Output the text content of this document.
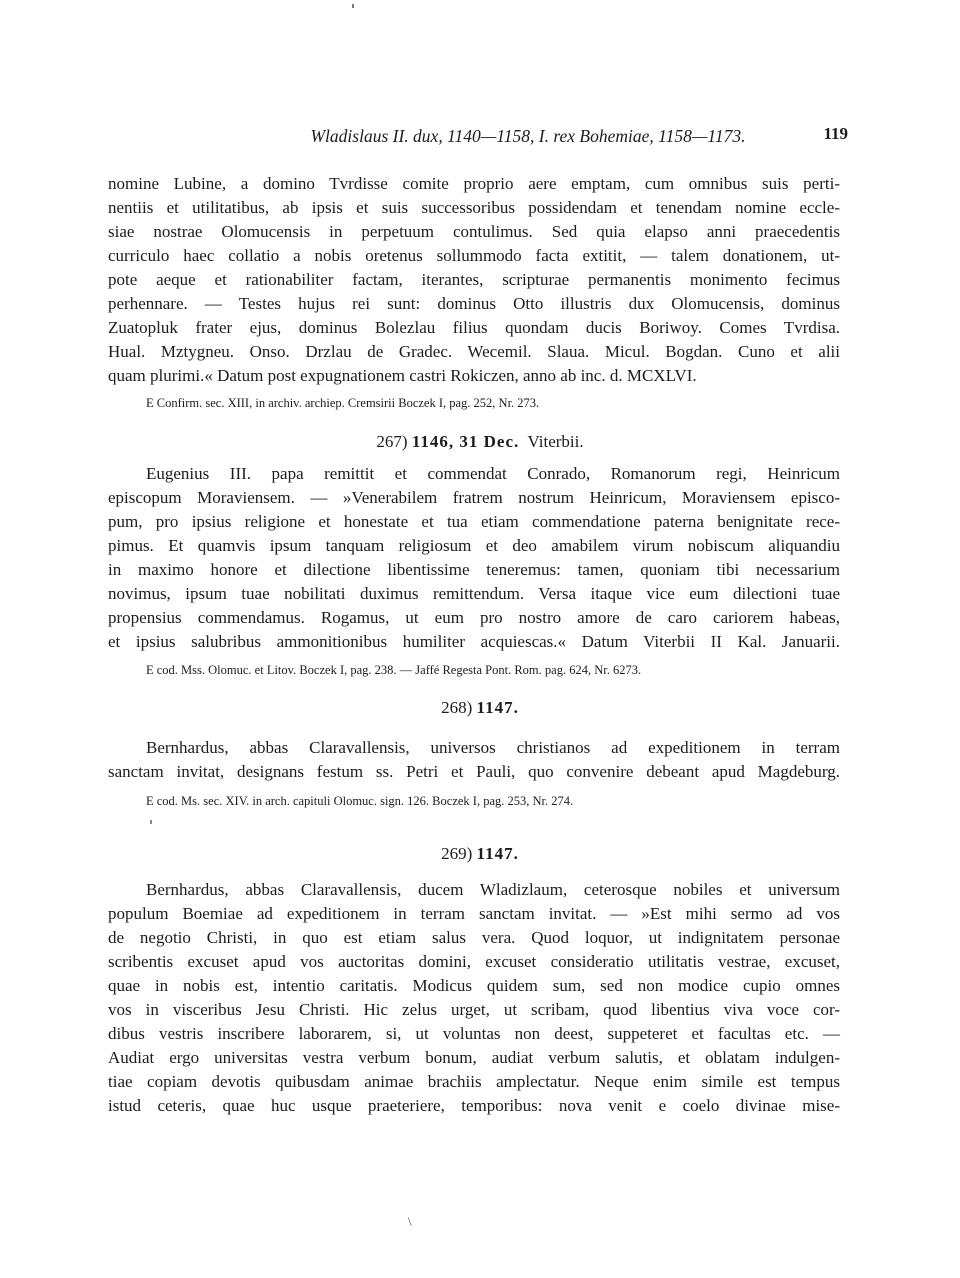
Wladislaus II. dux, 1140—1158, I. rex Bohemiae, 1158—1173.	119
nomine Lubine, a domino Tvrdisse comite proprio aere emptam, cum omnibus suis perti-
nentiis et utilitatibus, ab ipsis et suis successoribus possidendam et tenendam nomine eccle-
siae nostrae Olomucensis in perpetuum contulimus. Sed quia elapso anni praecedentis
curriculo haec collatio a nobis oretenus sollummodo facta extitit, — talem donationem, ut-
pote aeque et rationabiliter factam, iterantes, scripturae permanentis monimento fecimus
perhennare. — Testes hujus rei sunt: dominus Otto illustris dux Olomucensis, dominus
Zuatopluk frater ejus, dominus Bolezlau filius quondam ducis Boriwoy. Comes Tvrdisa.
Hual. Mztygneu. Onso. Drzlau de Gradec. Wecemil. Slaua. Micul. Bogdan. Cuno et alii
quam plurimi.« Datum post expugnationem castri Rokiczen, anno ab inc. d. MCXLVI.
E Confirm. sec. XIII, in archiv. archiep. Cremsirii Boczek I, pag. 252, Nr. 273.
267) 1146, 31 Dec. Viterbii.
Eugenius III. papa remittit et commendat Conrado, Romanorum regi, Heinricum
episcopum Moraviensem. — »Venerabilem fratrem nostrum Heinricum, Moraviensem episco-
pum, pro ipsius religione et honestate et tua etiam commendatione paterna benignitate rece-
pimus. Et quamvis ipsum tanquam religiosum et deo amabilem virum nobiscum aliquandiu
in maximo honore et dilectione libentissime teneremus: tamen, quoniam tibi necessarium
novimus, ipsum tuae nobilitati duximus remittendum. Versa itaque vice eum dilectioni tuae
propensius commendamus. Rogamus, ut eum pro nostro amore de caro cariorem habeas,
et ipsius salubribus ammonitionibus humiliter acquiescas.« Datum Viterbii II Kal. Januarii.
E cod. Mss. Olomuc. et Litov. Boczek I, pag. 238. — Jaffé Regesta Pont. Rom. pag. 624, Nr. 6273.
268) 1147.
Bernhardus, abbas Claravallensis, universos christianos ad expeditionem in terram
sanctam invitat, designans festum ss. Petri et Pauli, quo convenire debeant apud Magdeburg.
E cod. Ms. sec. XIV. in arch. capituli Olomuc. sign. 126. Boczek I, pag. 253, Nr. 274.
269) 1147.
Bernhardus, abbas Claravallensis, ducem Wladizlaum, ceterosque nobiles et universum
populum Boemiae ad expeditionem in terram sanctam invitat. — »Est mihi sermo ad vos
de negotio Christi, in quo est etiam salus vera. Quod loquor, ut indignitatem personae
scribentis excuset apud vos auctoritas domini, excuset consideratio utilitatis vestrae, excuset,
quae in nobis est, intentio caritatis. Modicus quidem sum, sed non modice cupio omnes
vos in visceribus Jesu Christi. Hic zelus urget, ut scribam, quod libentius viva voce cor-
dibus vestris inscribere laborarem, si, ut voluntas non deest, suppeteret et facultas etc. —
Audiat ergo universitas vestra verbum bonum, audiat verbum salutis, et oblatam indulgen-
tiae copiam devotis quibusdam animae brachiis amplectatur. Neque enim simile est tempus
istud ceteris, quae huc usque praeteriere, temporibus: nova venit e coelo divinae mise-
\
